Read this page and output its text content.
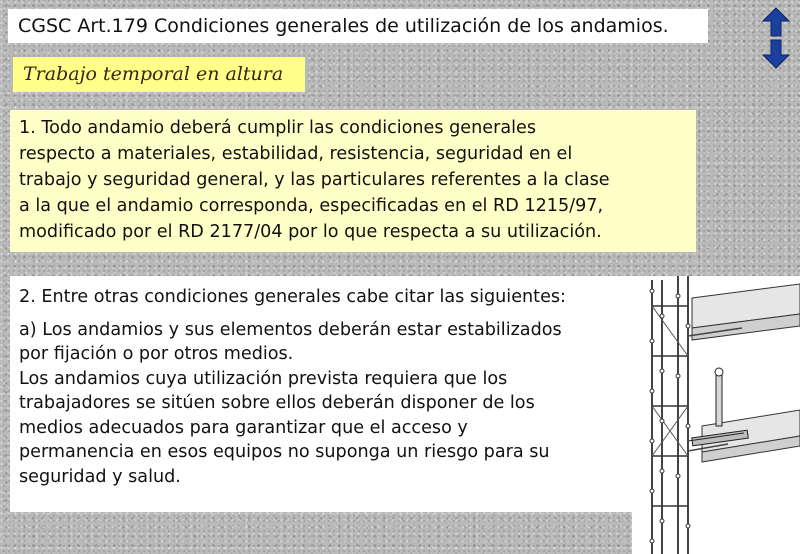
CGSC Art.179 Condiciones generales de utilización de los andamios.
Trabajo temporal en altura

1. Todo andamio deberá cumplir las condiciones generales

respecto a materiales, estabilidad, resistencia, seguridad en el

trabajo y seguridad general, y las particulares referentes a la clase

a la que el andamio corresponda, especificadas en el RD 1215/97,

modificado por el RD 2177/04 por lo que respecta a su utilización.

2. Entre otras condiciones generales cabe citar las siguientes:

a) Los andamios y sus elementos deberán estar estabilizados

por fijación o por otros medios.

Los andamios cuya utilización prevista requiera que los

trabajadores se sitúen sobre ellos deberán disponer de los

medios adecuados para garantizar que el acceso y

permanencia en esos equipos no suponga un riesgo para su

seguridad y salud.
